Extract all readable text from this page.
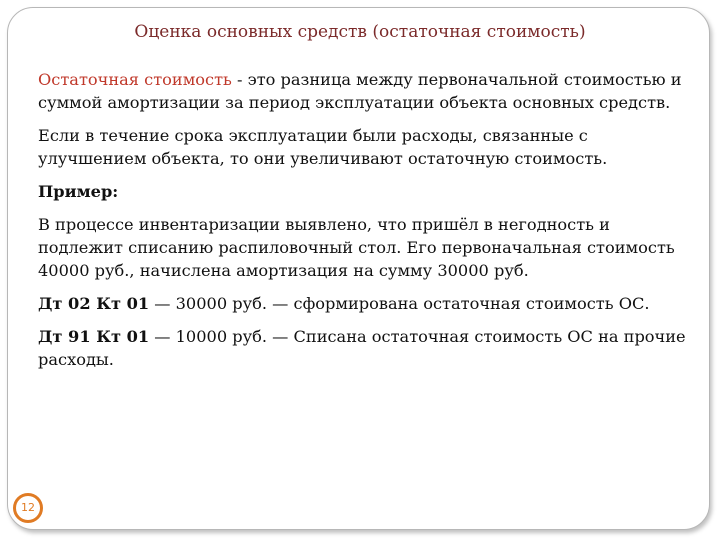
Оценка основных средств (остаточная стоимость)

Остаточная стоимость - это разница между первоначальной стоимостью и суммой амортизации за период эксплуатации объекта основных средств.

Если в течение срока эксплуатации были расходы, связанные с улучшением объекта, то они увеличивают остаточную стоимость.

Пример:

В процессе инвентаризации выявлено, что пришёл в негодность и подлежит списанию распиловочный стол. Его первоначальная стоимость 40000 руб., начислена амортизация на сумму 30000 руб.

Дт 02 Кт 01 — 30000 руб. — сформирована остаточная стоимость ОС.

Дт 91 Кт 01 — 10000 руб. — Списана остаточная стоимость ОС на прочие расходы.

12
